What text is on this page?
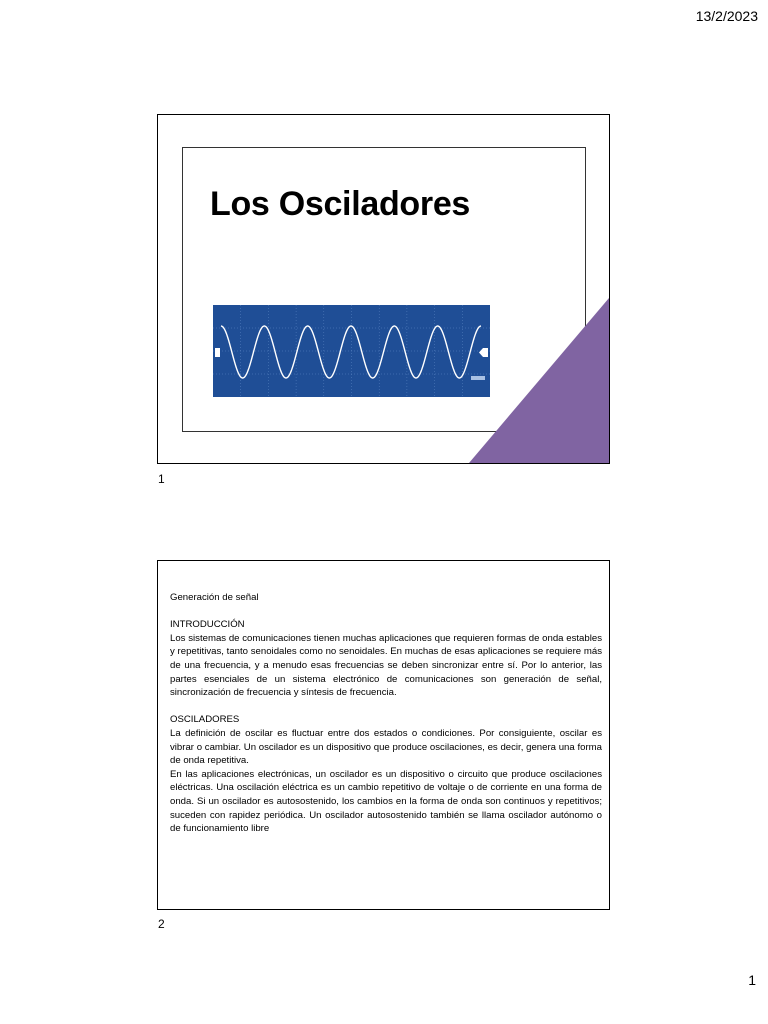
13/2/2023
Los Osciladores
1

Generación de señal

INTRODUCCIÓN

Los sistemas de comunicaciones tienen muchas aplicaciones que requieren formas de onda estables y repetitivas, tanto senoidales como no senoidales. En muchas de esas aplicaciones se requiere más de una frecuencia, y a menudo esas frecuencias se deben sincronizar entre sí. Por lo anterior, las partes esenciales de un sistema electrónico de comunicaciones son generación de señal, sincronización de frecuencia y síntesis de frecuencia.

OSCILADORES

La definición de oscilar es fluctuar entre dos estados o condiciones. Por consiguiente, oscilar es vibrar o cambiar. Un oscilador es un dispositivo que produce oscilaciones, es decir, genera una forma de onda repetitiva.

En las aplicaciones electrónicas, un oscilador es un dispositivo o circuito que produce oscilaciones eléctricas. Una oscilación eléctrica es un cambio repetitivo de voltaje o de corriente en una forma de onda. Si un oscilador es autosostenido, los cambios en la forma de onda son continuos y repetitivos; suceden con rapidez periódica. Un oscilador autosostenido también se llama oscilador autónomo o de funcionamiento libre

2
1
